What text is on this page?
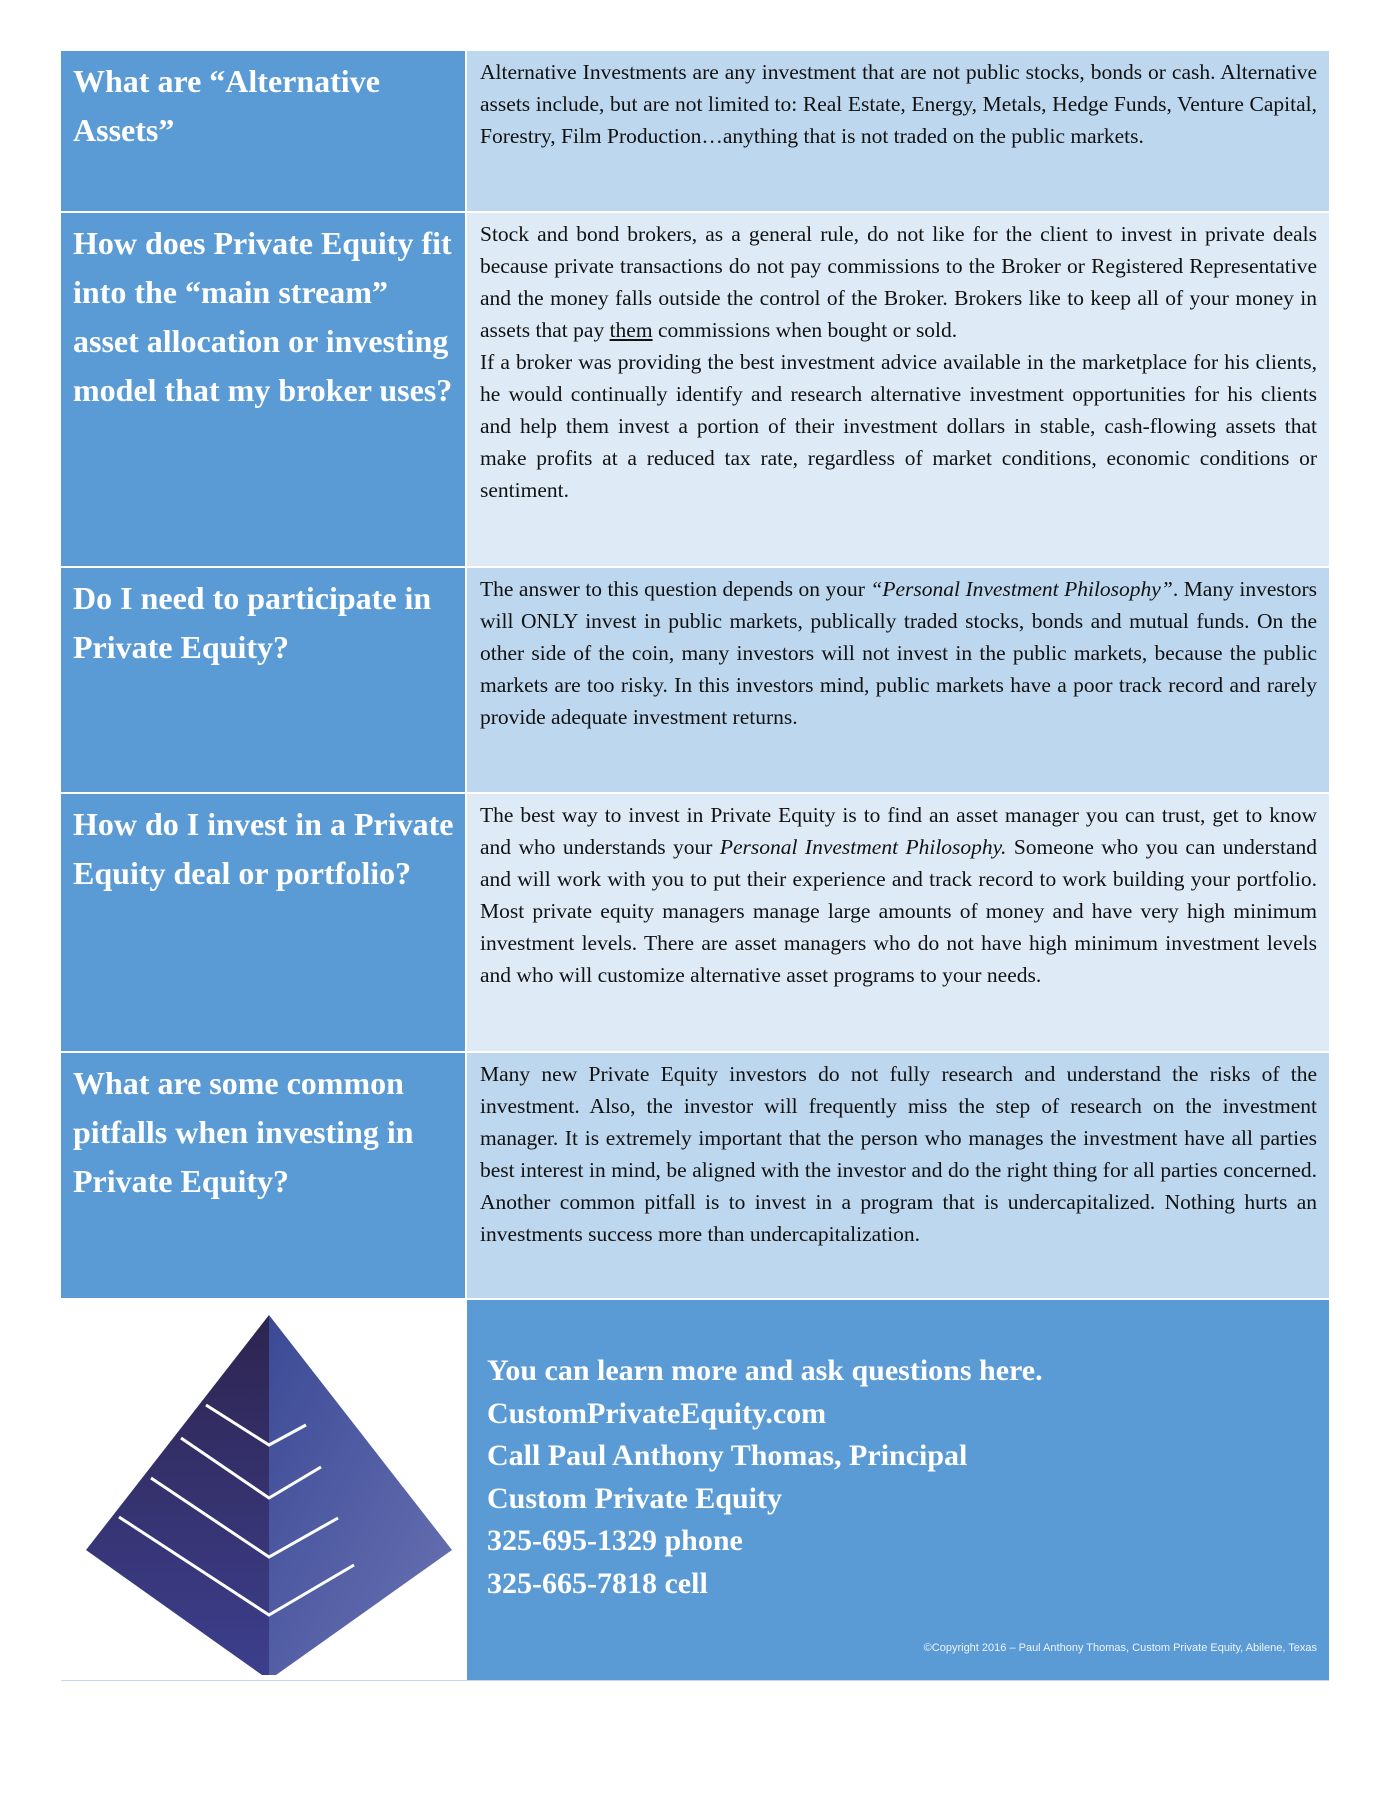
What are “Alternative Assets”

Alternative Investments are any investment that are not public stocks, bonds or cash. Alternative assets include, but are not limited to: Real Estate, Energy, Metals, Hedge Funds, Venture Capital, Forestry, Film Production…anything that is not traded on the public markets.

How does Private Equity fit into the “main stream” asset allocation or investing model that my broker uses?

Stock and bond brokers, as a general rule, do not like for the client to invest in private deals because private transactions do not pay commissions to the Broker or Registered Representative and the money falls outside the control of the Broker. Brokers like to keep all of your money in assets that pay them commissions when bought or sold.

If a broker was providing the best investment advice available in the marketplace for his clients, he would continually identify and research alternative investment opportunities for his clients and help them invest a portion of their investment dollars in stable, cash-flowing assets that make profits at a reduced tax rate, regardless of market conditions, economic conditions or sentiment.

Do I need to participate in Private Equity?

The answer to this question depends on your “Personal Investment Philosophy”. Many investors will ONLY invest in public markets, publically traded stocks, bonds and mutual funds. On the other side of the coin, many investors will not invest in the public markets, because the public markets are too risky. In this investors mind, public markets have a poor track record and rarely provide adequate investment returns.

How do I invest in a Private Equity deal or portfolio?

The best way to invest in Private Equity is to find an asset manager you can trust, get to know and who understands your Personal Investment Philosophy. Someone who you can understand and will work with you to put their experience and track record to work building your portfolio. Most private equity managers manage large amounts of money and have very high minimum investment levels. There are asset managers who do not have high minimum investment levels and who will customize alternative asset programs to your needs.

What are some common pitfalls when investing in Private Equity?

Many new Private Equity investors do not fully research and understand the risks of the investment. Also, the investor will frequently miss the step of research on the investment manager. It is extremely important that the person who manages the investment have all parties best interest in mind, be aligned with the investor and do the right thing for all parties concerned. Another common pitfall is to invest in a program that is undercapitalized. Nothing hurts an investments success more than undercapitalization.

You can learn more and ask questions here.
CustomPrivateEquity.com
Call Paul Anthony Thomas, Principal
Custom Private Equity
325-695-1329 phone
325-665-7818 cell
©Copyright 2016 – Paul Anthony Thomas, Custom Private Equity, Abilene, Texas
